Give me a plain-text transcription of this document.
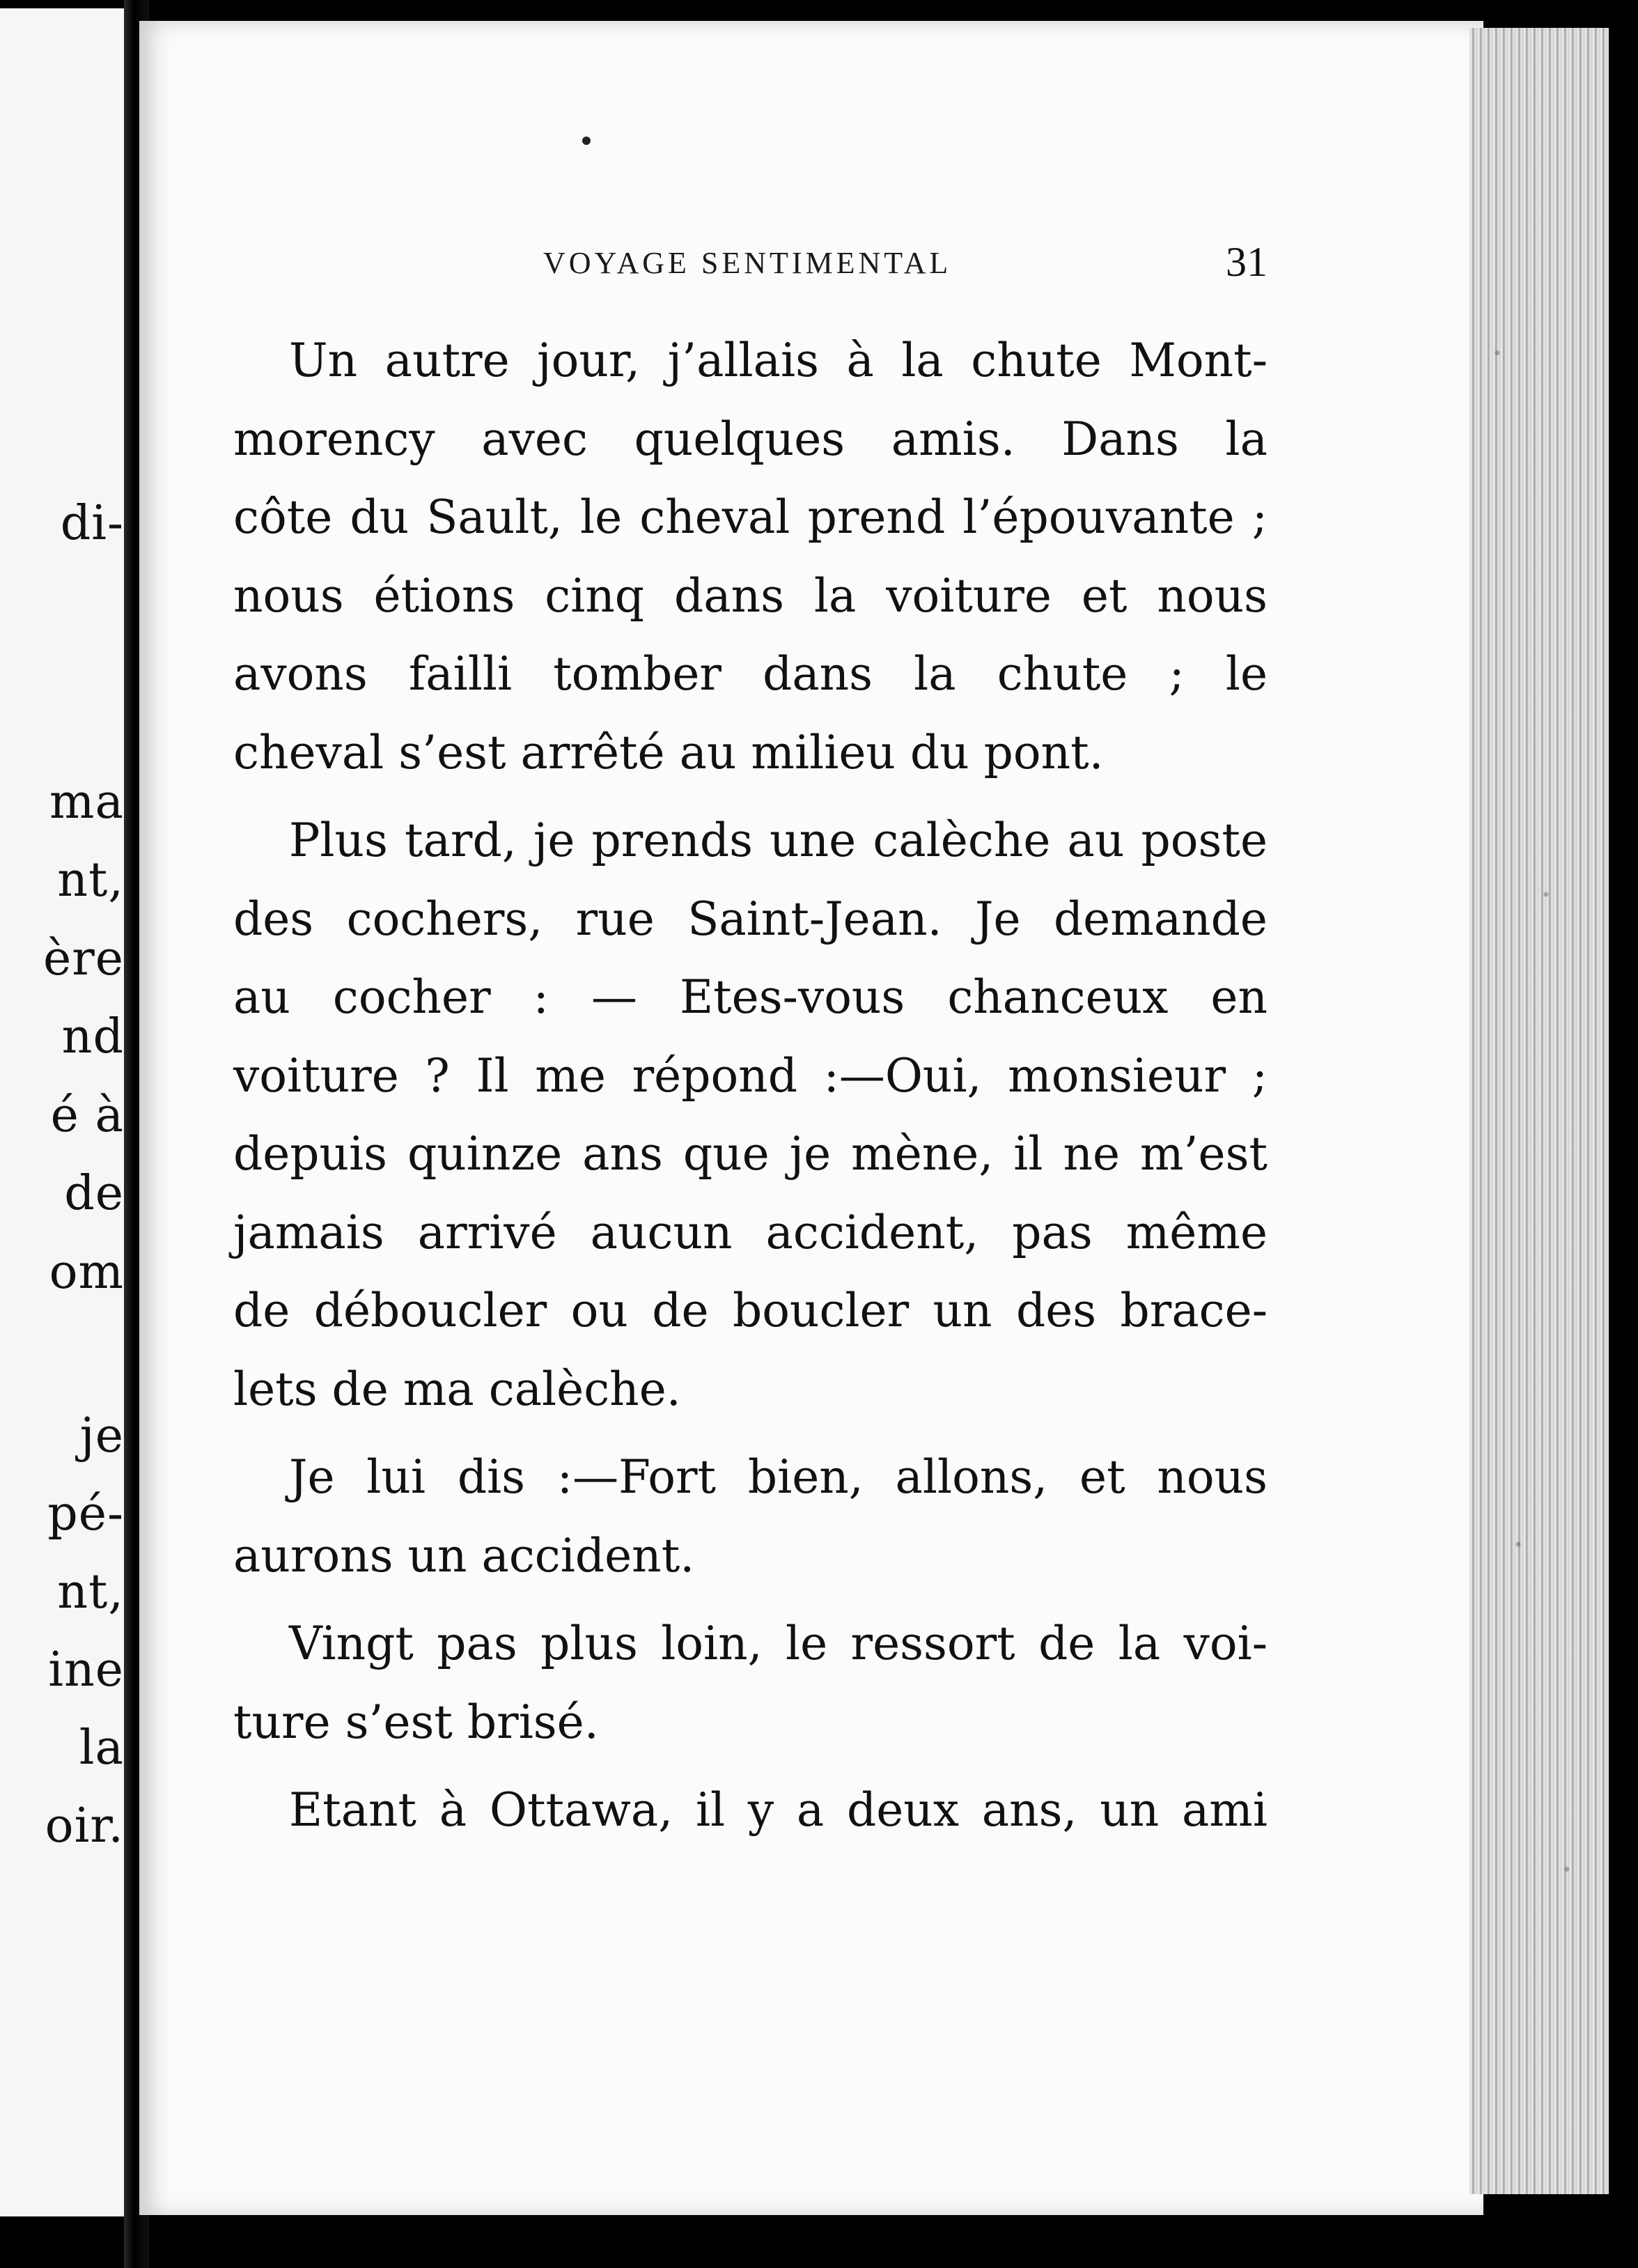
di-
ma
nt,
ère
nd
é à
de
om
je
pé-
nt,
ine
la
oir.
VOYAGE SENTIMENTAL	31
Un autre jour, j’allais à la chute Mont-
morency avec quelques amis. Dans la
côte du Sault, le cheval prend l’épouvante ;
nous étions cinq dans la voiture et nous
avons failli tomber dans la chute ; le
cheval s’est arrêté au milieu du pont.
Plus tard, je prends une calèche au poste
des cochers, rue Saint-Jean. Je demande
au cocher : — Etes-vous chanceux en
voiture ? Il me répond :—Oui, monsieur ;
depuis quinze ans que je mène, il ne m’est
jamais arrivé aucun accident, pas même
de déboucler ou de boucler un des brace-
lets de ma calèche.
Je lui dis :—Fort bien, allons, et nous
aurons un accident.
Vingt pas plus loin, le ressort de la voi-
ture s’est brisé.
Etant à Ottawa, il y a deux ans, un ami
